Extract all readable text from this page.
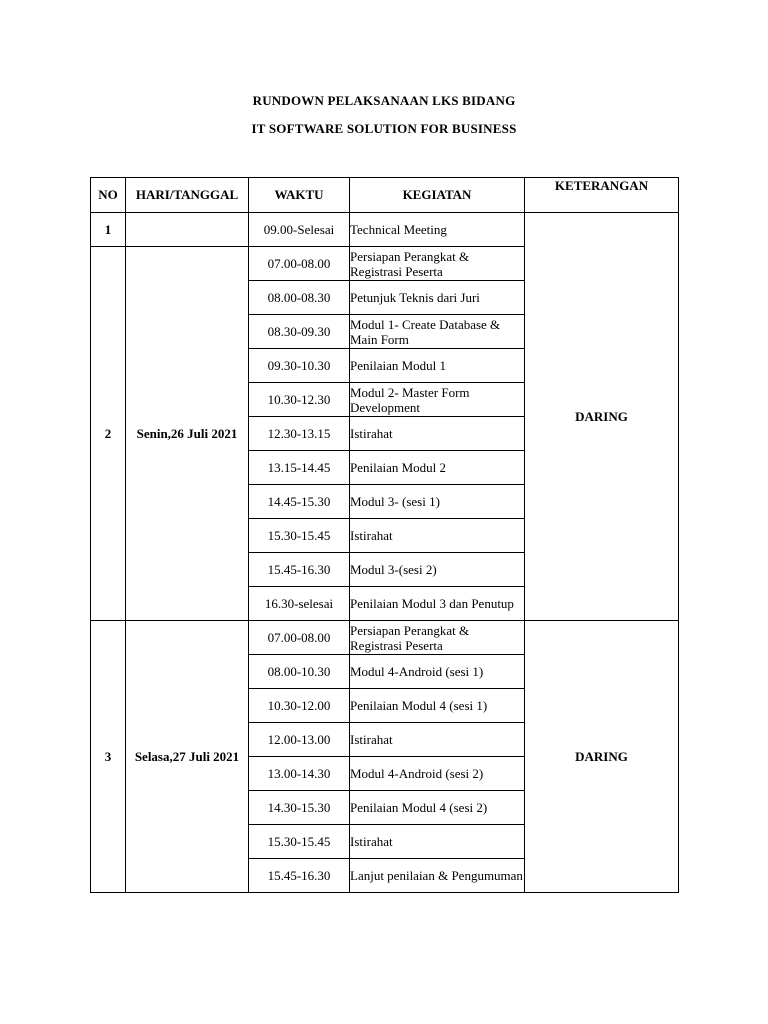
RUNDOWN PELAKSANAAN LKS BIDANG
IT SOFTWARE SOLUTION FOR BUSINESS
NO	HARI/TANGGAL	WAKTU	KEGIATAN	KETERANGAN
1		09.00-Selesai	Technical Meeting	DARING
2	Senin,26 Juli 2021	07.00-08.00	Persiapan Perangkat & Registrasi Peserta	
		08.00-08.30	Petunjuk Teknis dari Juri	
		08.30-09.30	Modul 1- Create Database & Main Form	
		09.30-10.30	Penilaian Modul 1	
		10.30-12.30	Modul 2- Master Form Development	
		12.30-13.15	Istirahat	
		13.15-14.45	Penilaian Modul 2	
		14.45-15.30	Modul 3- (sesi 1)	
		15.30-15.45	Istirahat	
		15.45-16.30	Modul 3-(sesi 2)	
		16.30-selesai	Penilaian Modul 3 dan Penutup	
3	Selasa,27 Juli 2021	07.00-08.00	Persiapan Perangkat & Registrasi Peserta	DARING
		08.00-10.30	Modul 4-Android (sesi 1)	
		10.30-12.00	Penilaian Modul 4 (sesi 1)	
		12.00-13.00	Istirahat	
		13.00-14.30	Modul 4-Android (sesi 2)	
		14.30-15.30	Penilaian Modul 4 (sesi 2)	
		15.30-15.45	Istirahat	
		15.45-16.30	Lanjut penilaian & Pengumuman	
